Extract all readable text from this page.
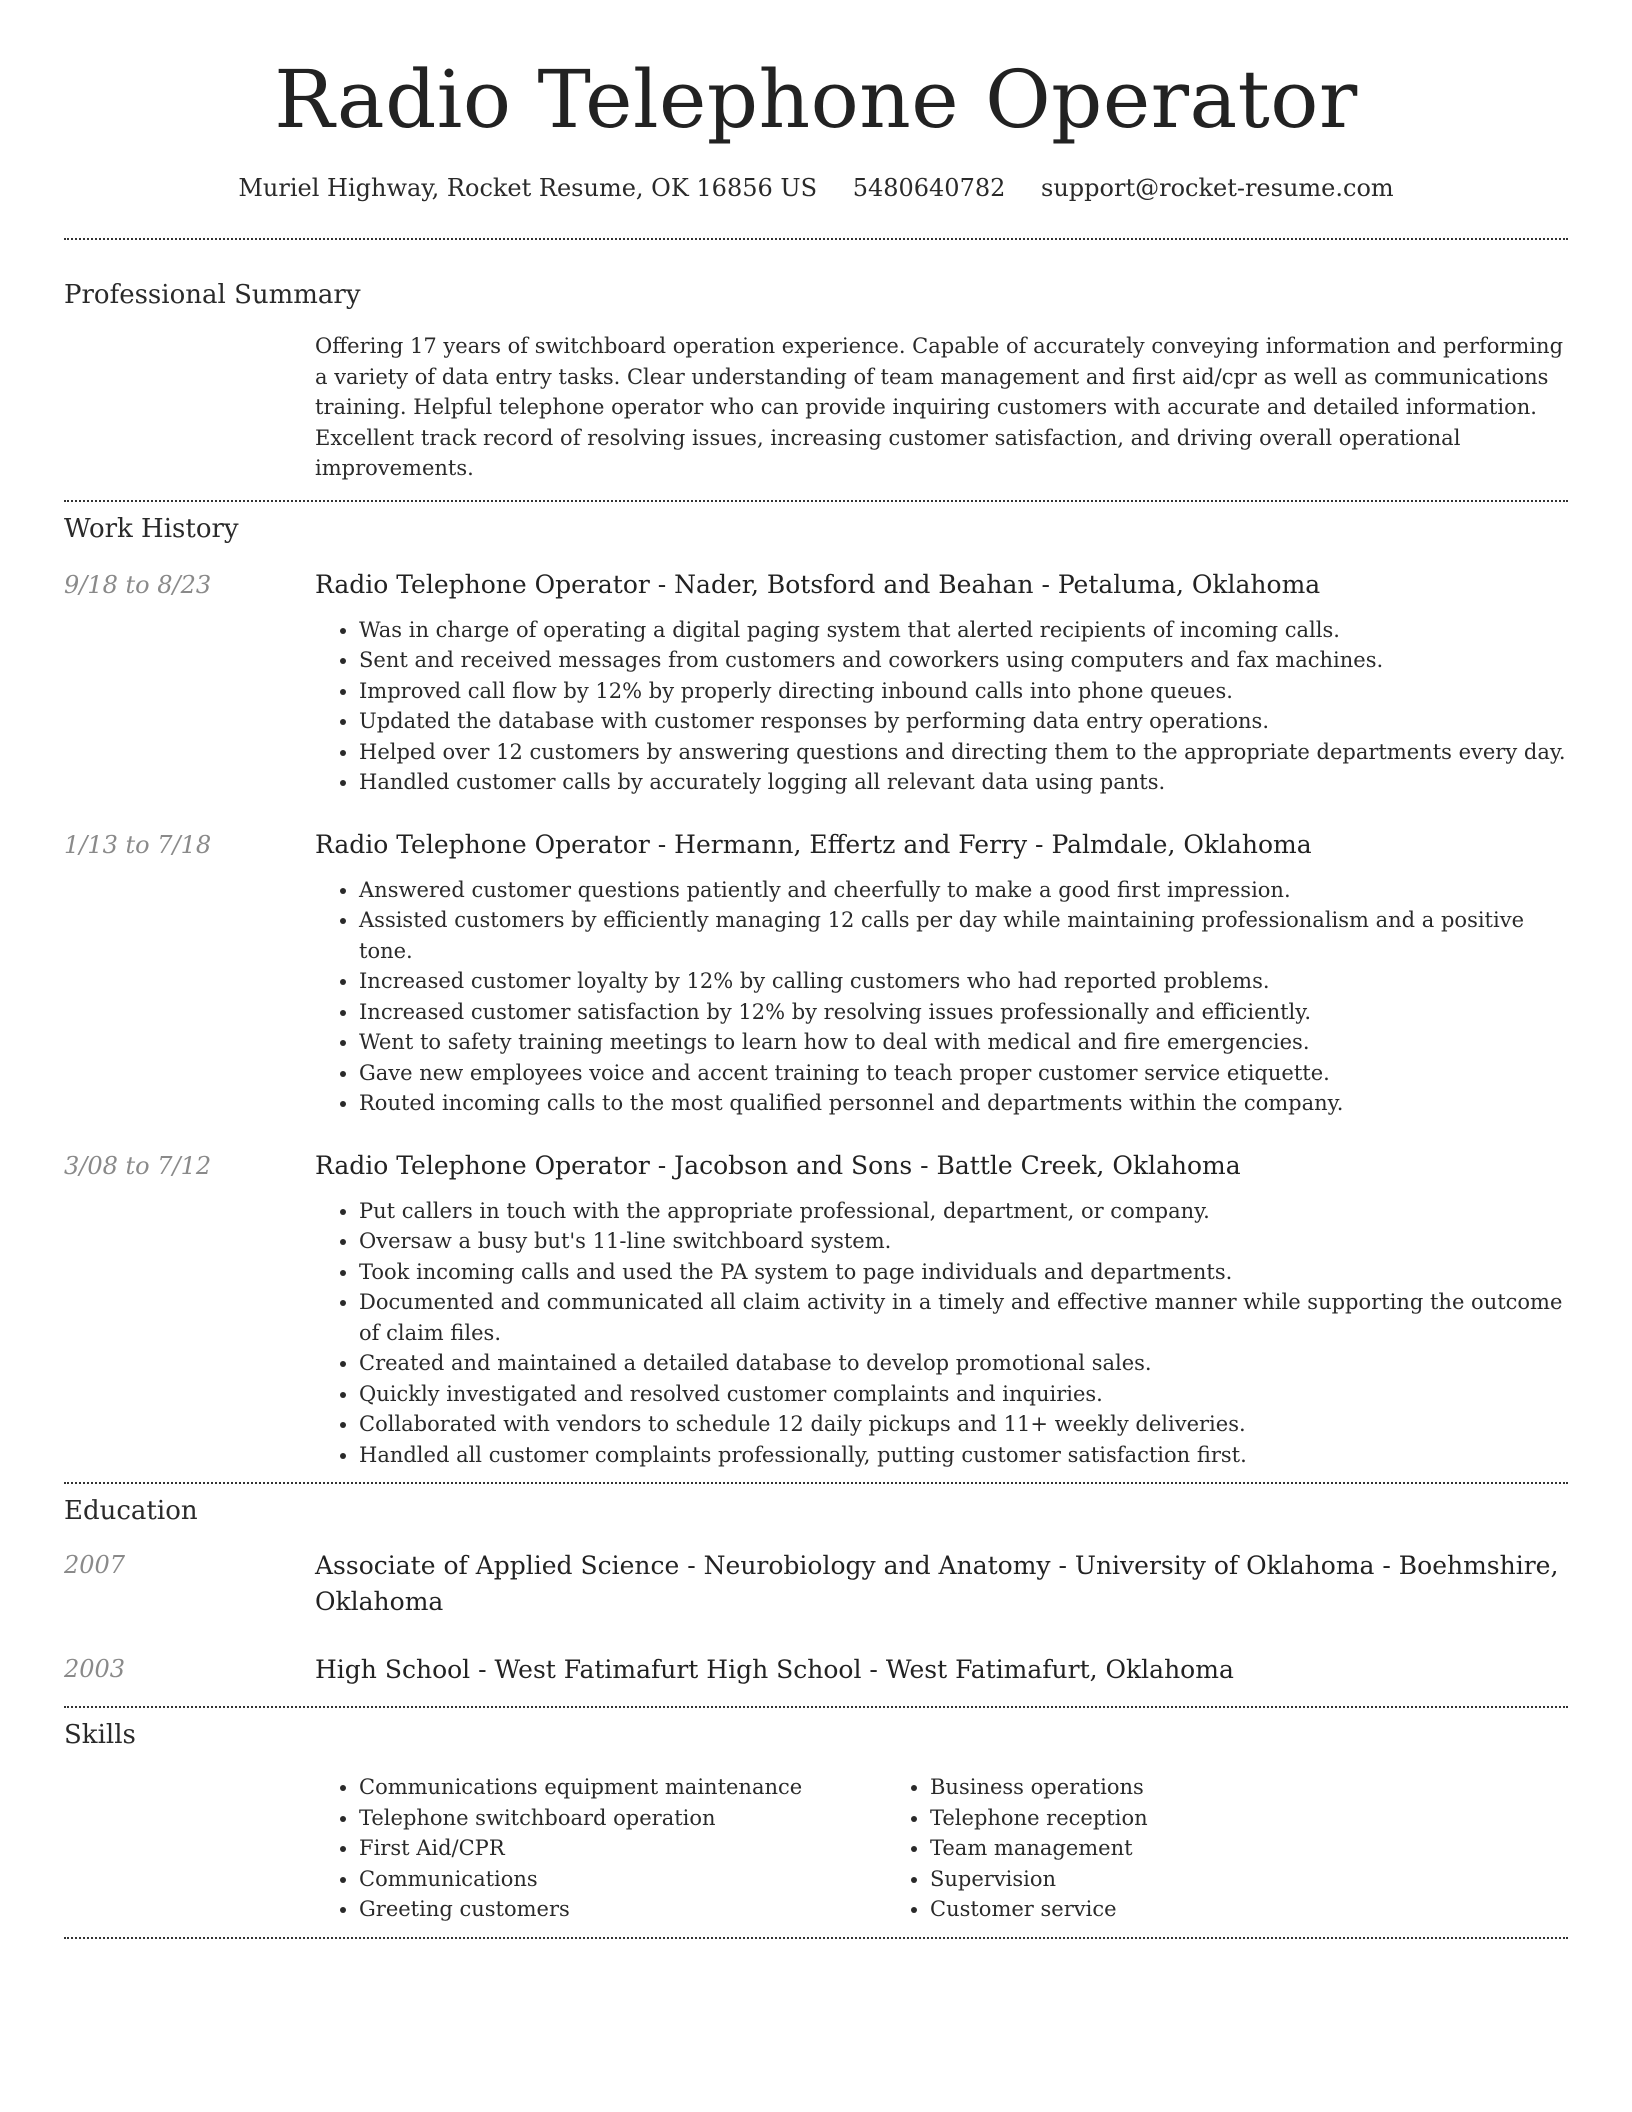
Radio Telephone Operator
Muriel Highway, Rocket Resume, OK 16856 US 5480640782 support@rocket-resume.com
Professional Summary
Offering 17 years of switchboard operation experience. Capable of accurately conveying information and performing a variety of data entry tasks. Clear understanding of team management and first aid/cpr as well as communications training. Helpful telephone operator who can provide inquiring customers with accurate and detailed information. Excellent track record of resolving issues, increasing customer satisfaction, and driving overall operational improvements.
Work History
9/18 to 8/23	Radio Telephone Operator - Nader, Botsford and Beahan - Petaluma, Oklahoma
• Was in charge of operating a digital paging system that alerted recipients of incoming calls.
• Sent and received messages from customers and coworkers using computers and fax machines.
• Improved call flow by 12% by properly directing inbound calls into phone queues.
• Updated the database with customer responses by performing data entry operations.
• Helped over 12 customers by answering questions and directing them to the appropriate departments every day.
• Handled customer calls by accurately logging all relevant data using pants.
1/13 to 7/18	Radio Telephone Operator - Hermann, Effertz and Ferry - Palmdale, Oklahoma
• Answered customer questions patiently and cheerfully to make a good first impression.
• Assisted customers by efficiently managing 12 calls per day while maintaining professionalism and a positive tone.
• Increased customer loyalty by 12% by calling customers who had reported problems.
• Increased customer satisfaction by 12% by resolving issues professionally and efficiently.
• Went to safety training meetings to learn how to deal with medical and fire emergencies.
• Gave new employees voice and accent training to teach proper customer service etiquette.
• Routed incoming calls to the most qualified personnel and departments within the company.
3/08 to 7/12	Radio Telephone Operator - Jacobson and Sons - Battle Creek, Oklahoma
• Put callers in touch with the appropriate professional, department, or company.
• Oversaw a busy but's 11-line switchboard system.
• Took incoming calls and used the PA system to page individuals and departments.
• Documented and communicated all claim activity in a timely and effective manner while supporting the outcome of claim files.
• Created and maintained a detailed database to develop promotional sales.
• Quickly investigated and resolved customer complaints and inquiries.
• Collaborated with vendors to schedule 12 daily pickups and 11+ weekly deliveries.
• Handled all customer complaints professionally, putting customer satisfaction first.
Education
2007	Associate of Applied Science - Neurobiology and Anatomy - University of Oklahoma - Boehmshire, Oklahoma
2003	High School - West Fatimafurt High School - West Fatimafurt, Oklahoma
Skills
• Communications equipment maintenance
• Telephone switchboard operation
• First Aid/CPR
• Communications
• Greeting customers
• Business operations
• Telephone reception
• Team management
• Supervision
• Customer service
